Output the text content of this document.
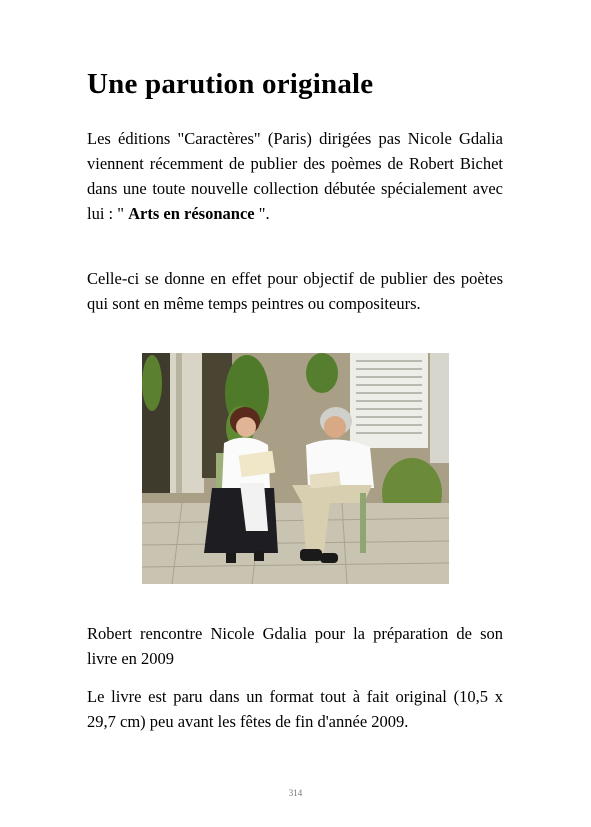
Une parution originale

Les éditions "Caractères" (Paris) dirigées pas Nicole Gdalia viennent récemment de publier des poèmes de Robert Bichet dans une toute nouvelle collection débutée spécialement avec lui : " Arts en résonance ".

Celle-ci se donne en effet pour objectif de publier des poètes qui sont en même temps peintres ou compositeurs.

Robert rencontre Nicole Gdalia pour la préparation de son livre en 2009

Le livre est paru dans un format tout à fait original (10,5 x 29,7 cm) peu avant les fêtes de fin d'année 2009.

314
